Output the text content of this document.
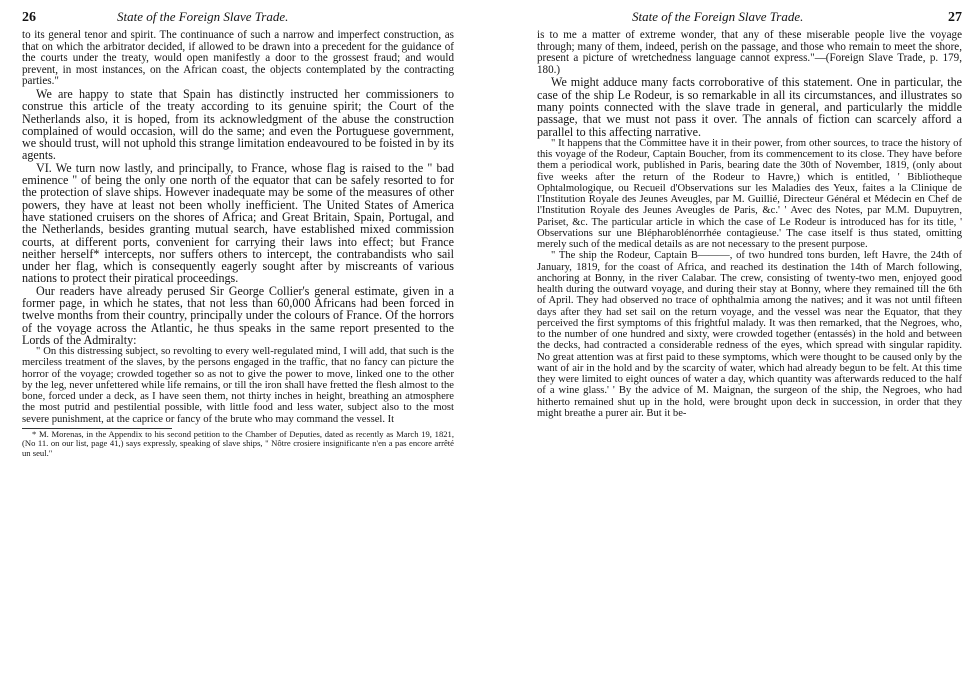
26	State of the Foreign Slave Trade.

to its general tenor and spirit. The continuance of such a narrow and imperfect construction, as that on which the arbitrator decided, if allowed to be drawn into a precedent for the guidance of the courts under the treaty, would open manifestly a door to the grossest fraud; and would prevent, in most instances, on the African coast, the objects contemplated by the contracting parties."

We are happy to state that Spain has distinctly instructed her commissioners to construe this article of the treaty according to its genuine spirit; the Court of the Netherlands also, it is hoped, from its acknowledgment of the abuse the construction complained of would occasion, will do the same; and even the Portuguese government, we should trust, will not uphold this strange limitation endeavoured to be foisted in by its agents.

VI. We turn now lastly, and principally, to France, whose flag is raised to the " bad eminence " of being the only one north of the equator that can be safely resorted to for the protection of slave ships. However inadequate may be some of the measures of other powers, they have at least not been wholly inefficient. The United States of America have stationed cruisers on the shores of Africa; and Great Britain, Spain, Portugal, and the Netherlands, besides granting mutual search, have established mixed commission courts, at different ports, convenient for carrying their laws into effect; but France neither herself* intercepts, nor suffers others to intercept, the contrabandists who sail under her flag, which is consequently eagerly sought after by miscreants of various nations to protect their piratical proceedings.

Our readers have already perused Sir George Collier's general estimate, given in a former page, in which he states, that not less than 60,000 Africans had been forced in twelve months from their country, principally under the colours of France. Of the horrors of the voyage across the Atlantic, he thus speaks in the same report presented to the Lords of the Admiralty:

" On this distressing subject, so revolting to every well-regulated mind, I will add, that such is the merciless treatment of the slaves, by the persons engaged in the traffic, that no fancy can picture the horror of the voyage; crowded together so as not to give the power to move, linked one to the other by the leg, never unfettered while life remains, or till the iron shall have fretted the flesh almost to the bone, forced under a deck, as I have seen them, not thirty inches in height, breathing an atmosphere the most putrid and pestilential possible, with little food and less water, subject also to the most severe punishment, at the caprice or fancy of the brute who may command the vessel. It

* M. Morenas, in the Appendix to his second petition to the Chamber of Deputies, dated as recently as March 19, 1821, (No 11. on our list, page 41,) says expressly, speaking of slave ships, " Nôtre crosiere insignificante n'en a pas encore arrêté un seul."

State of the Foreign Slave Trade.	27

is to me a matter of extreme wonder, that any of these miserable people live the voyage through; many of them, indeed, perish on the passage, and those who remain to meet the shore, present a picture of wretchedness language cannot express."—(Foreign Slave Trade, p. 179, 180.)

We might adduce many facts corroborative of this statement. One in particular, the case of the ship Le Rodeur, is so remarkable in all its circumstances, and illustrates so many points connected with the slave trade in general, and particularly the middle passage, that we must not pass it over. The annals of fiction can scarcely afford a parallel to this affecting narrative.

" It happens that the Committee have it in their power, from other sources, to trace the history of this voyage of the Rodeur, Captain Boucher, from its commencement to its close. They have before them a periodical work, published in Paris, bearing date the 30th of November, 1819, (only about five weeks after the return of the Rodeur to Havre,) which is entitled, ' Bibliotheque Ophtalmologique, ou Recueil d'Observations sur les Maladies des Yeux, faites a la Clinique de l'Institution Royale des Jeunes Aveugles, par M. Guillié, Directeur Général et Médecin en Chef de l'Institution Royale des Jeunes Aveugles de Paris, &c.' ' Avec des Notes, par M.M. Dupuytren, Pariset, &c. The particular article in which the case of Le Rodeur is introduced has for its title, ' Observations sur une Blépharoblénorrhée contagieuse.' The case itself is thus stated, omitting merely such of the medical details as are not necessary to the present purpose.

" The ship the Rodeur, Captain B———, of two hundred tons burden, left Havre, the 24th of January, 1819, for the coast of Africa, and reached its destination the 14th of March following, anchoring at Bonny, in the river Calabar. The crew, consisting of twenty-two men, enjoyed good health during the outward voyage, and during their stay at Bonny, where they remained till the 6th of April. They had observed no trace of ophthalmia among the natives; and it was not until fifteen days after they had set sail on the return voyage, and the vessel was near the Equator, that they perceived the first symptoms of this frightful malady. It was then remarked, that the Negroes, who, to the number of one hundred and sixty, were crowded together (entassés) in the hold and between the decks, had contracted a considerable redness of the eyes, which spread with singular rapidity. No great attention was at first paid to these symptoms, which were thought to be caused only by the want of air in the hold and by the scarcity of water, which had already begun to be felt. At this time they were limited to eight ounces of water a day, which quantity was afterwards reduced to the half of a wine glass.' ' By the advice of M. Maignan, the surgeon of the ship, the Negroes, who had hitherto remained shut up in the hold, were brought upon deck in succession, in order that they might breathe a purer air. But it be-
